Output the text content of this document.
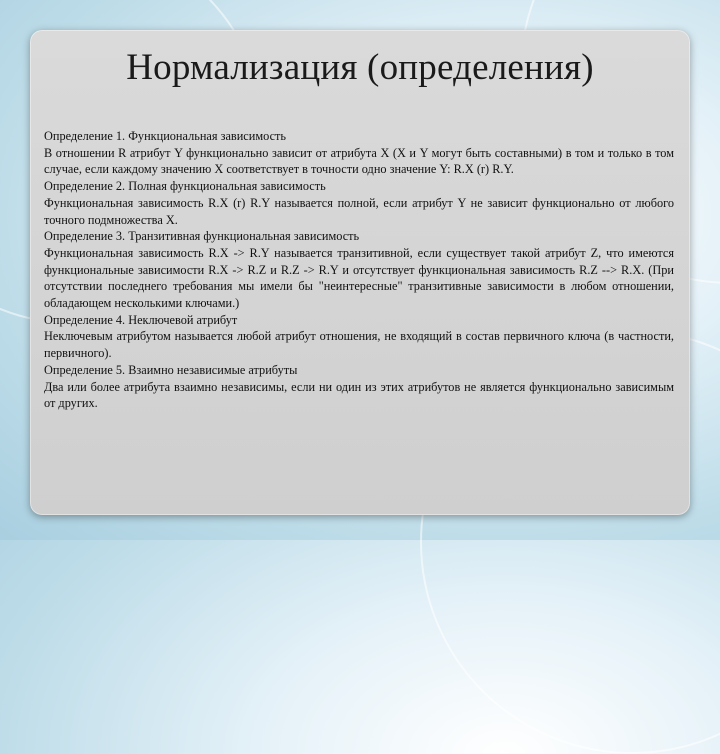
Нормализация (определения)

Определение 1. Функциональная зависимость

В отношении R атрибут Y функционально зависит от атрибута X (X и Y могут быть составными) в том и только в том случае, если каждому значению X соответствует в точности одно значение Y: R.X (r) R.Y.

Определение 2. Полная функциональная зависимость

Функциональная зависимость R.X (r) R.Y называется полной, если атрибут Y не зависит функционально от любого точного подмножества X.

Определение 3. Транзитивная функциональная зависимость

Функциональная зависимость R.X -> R.Y называется транзитивной, если существует такой атрибут Z, что имеются функциональные зависимости R.X -> R.Z и R.Z -> R.Y и отсутствует функциональная зависимость R.Z --> R.X. (При отсутствии последнего требования мы имели бы "неинтересные" транзитивные зависимости в любом отношении, обладающем несколькими ключами.)

Определение 4. Неключевой атрибут

Неключевым атрибутом называется любой атрибут отношения, не входящий в состав первичного ключа (в частности, первичного).

Определение 5. Взаимно независимые атрибуты

Два или более атрибута взаимно независимы, если ни один из этих атрибутов не является функционально зависимым от других.
